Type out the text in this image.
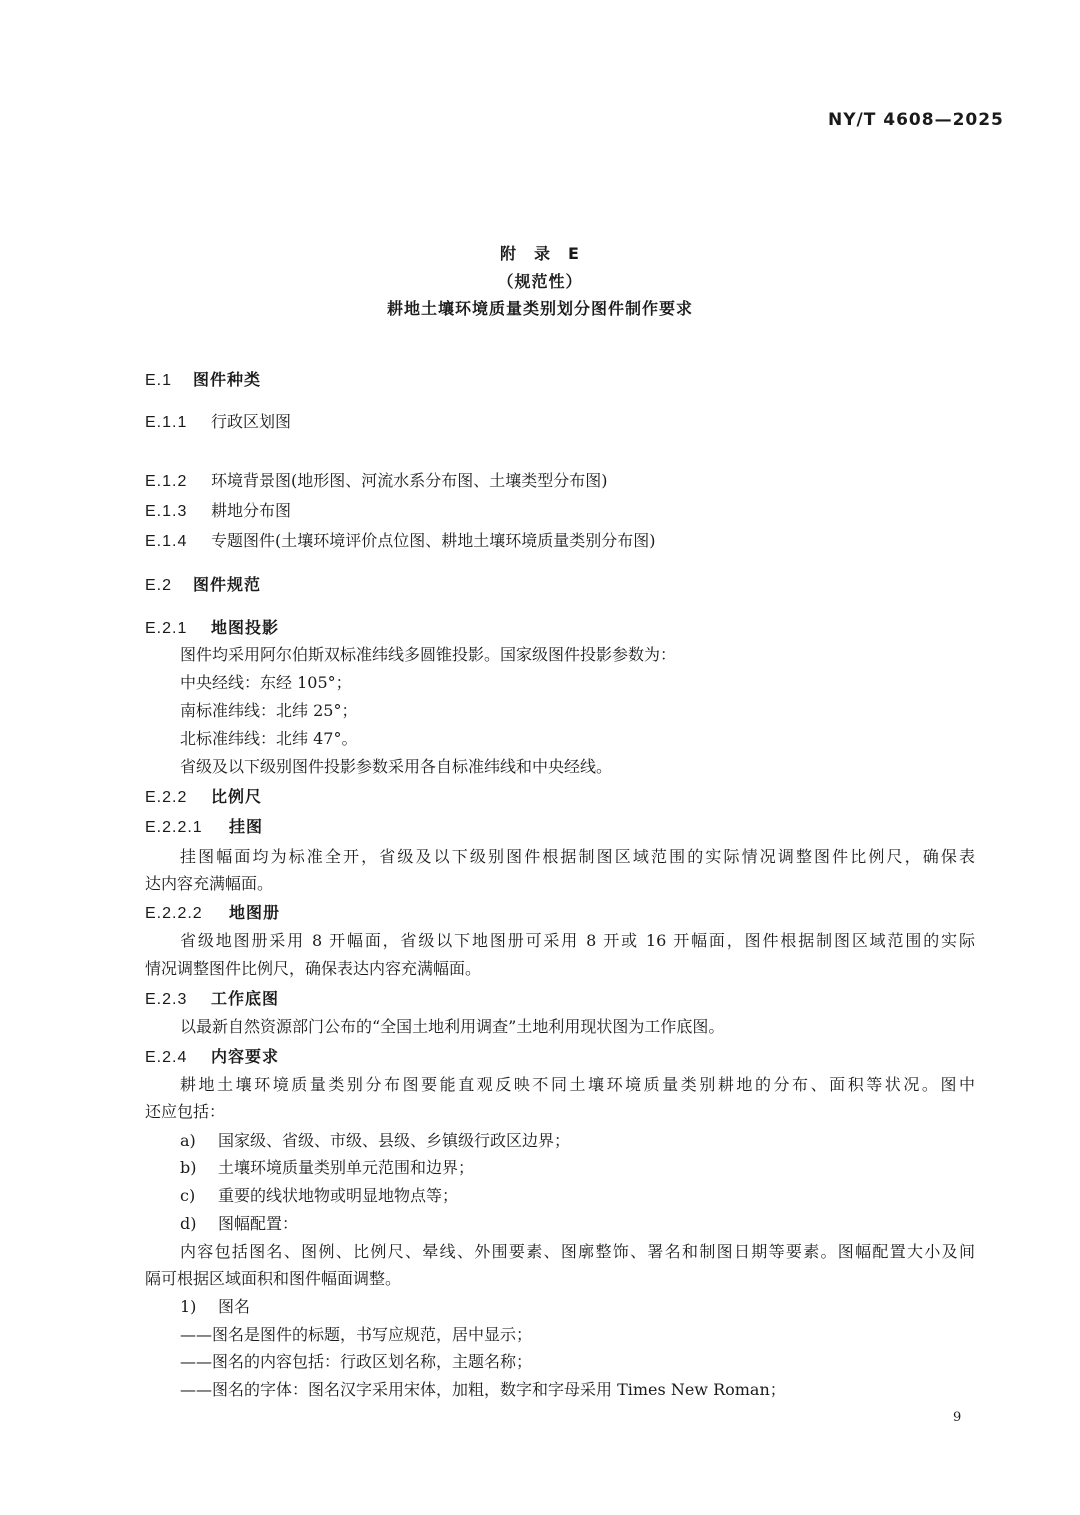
NY/T 4608—2025
附　录　E
（规范性）
耕地土壤环境质量类别划分图件制作要求
E.1 图件种类
E.1.1 行政区划图
E.1.2 环境背景图(地形图、河流水系分布图、土壤类型分布图)
E.1.3 耕地分布图
E.1.4 专题图件(土壤环境评价点位图、耕地土壤环境质量类别分布图)
E.2 图件规范
E.2.1 地图投影
图件均采用阿尔伯斯双标准纬线多圆锥投影。国家级图件投影参数为：
中央经线：东经 105°；
南标准纬线：北纬 25°；
北标准纬线：北纬 47°。
省级及以下级别图件投影参数采用各自标准纬线和中央经线。
E.2.2 比例尺
E.2.2.1 挂图
挂图幅面均为标准全开，省级及以下级别图件根据制图区域范围的实际情况调整图件比例尺，确保表
达内容充满幅面。
E.2.2.2 地图册
省级地图册采用 8 开幅面，省级以下地图册可采用 8 开或 16 开幅面，图件根据制图区域范围的实际
情况调整图件比例尺，确保表达内容充满幅面。
E.2.3 工作底图
以最新自然资源部门公布的“全国土地利用调查”土地利用现状图为工作底图。
E.2.4 内容要求
耕地土壤环境质量类别分布图要能直观反映不同土壤环境质量类别耕地的分布、面积等状况。图中
还应包括：
a) 国家级、省级、市级、县级、乡镇级行政区边界；
b) 土壤环境质量类别单元范围和边界；
c) 重要的线状地物或明显地物点等；
d) 图幅配置：
内容包括图名、图例、比例尺、晕线、外围要素、图廓整饰、署名和制图日期等要素。图幅配置大小及间
隔可根据区域面积和图件幅面调整。
1) 图名
——图名是图件的标题，书写应规范，居中显示；
——图名的内容包括：行政区划名称，主题名称；
——图名的字体：图名汉字采用宋体，加粗，数字和字母采用 Times New Roman；
9
